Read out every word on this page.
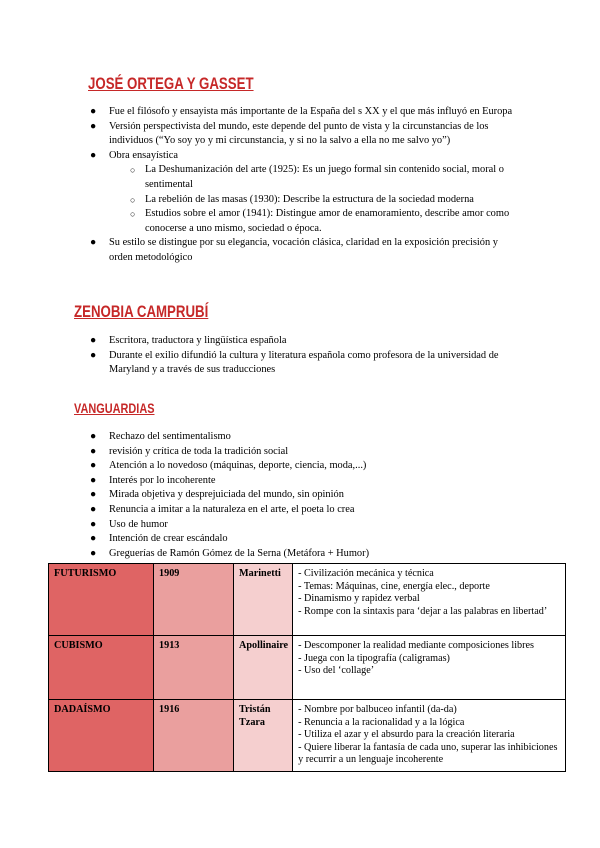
JOSÉ ORTEGA Y GASSET
● Fue el filósofo y ensayista más importante de la España del s XX y el que más influyó en Europa
● Versión perspectivista del mundo, este depende del punto de vista y la circunstancias de los individuos (“Yo soy yo y mi circunstancia, y si no la salvo a ella no me salvo yo”)
● Obra ensayística
○ La Deshumanización del arte (1925): Es un juego formal sin contenido social, moral o sentimental
○ La rebelión de las masas (1930): Describe la estructura de la sociedad moderna
○ Estudios sobre el amor (1941): Distingue amor de enamoramiento, describe amor como conocerse a uno mismo, sociedad o época.
● Su estilo se distingue por su elegancia, vocación clásica, claridad en la exposición precisión y orden metodológico
ZENOBIA CAMPRUBÍ
● Escritora, traductora y lingüística española
● Durante el exilio difundió la cultura y literatura española como profesora de la universidad de Maryland y a través de sus traducciones
VANGUARDIAS
● Rechazo del sentimentalismo
● revisión y crítica de toda la tradición social
● Atención a lo novedoso (máquinas, deporte, ciencia, moda,...)
● Interés por lo incoherente
● Mirada objetiva y desprejuiciada del mundo, sin opinión
● Renuncia a imitar a la naturaleza en el arte, el poeta lo crea
● Uso de humor
● Intención de crear escándalo
● Greguerías de Ramón Gómez de la Serna (Metáfora + Humor)
FUTURISMO	1909	Marinetti	- Civilización mecánica y técnica
- Temas: Máquinas, cine, energía elec., deporte
- Dinamismo y rapidez verbal
- Rompe con la sintaxis para ‘dejar a las palabras en libertad’

CUBISMO	1913	Apollinaire	- Descomponer la realidad mediante composiciones libres
- Juega con la tipografía (caligramas)
- Uso del ‘collage’

DADAÍSMO	1916	Tristán Tzara	- Nombre por balbuceo infantil (da-da)
- Renuncia a la racionalidad y a la lógica
- Utiliza el azar y el absurdo para la creación literaria
- Quiere liberar la fantasía de cada uno, superar las inhibiciones y recurrir a un lenguaje incoherente
